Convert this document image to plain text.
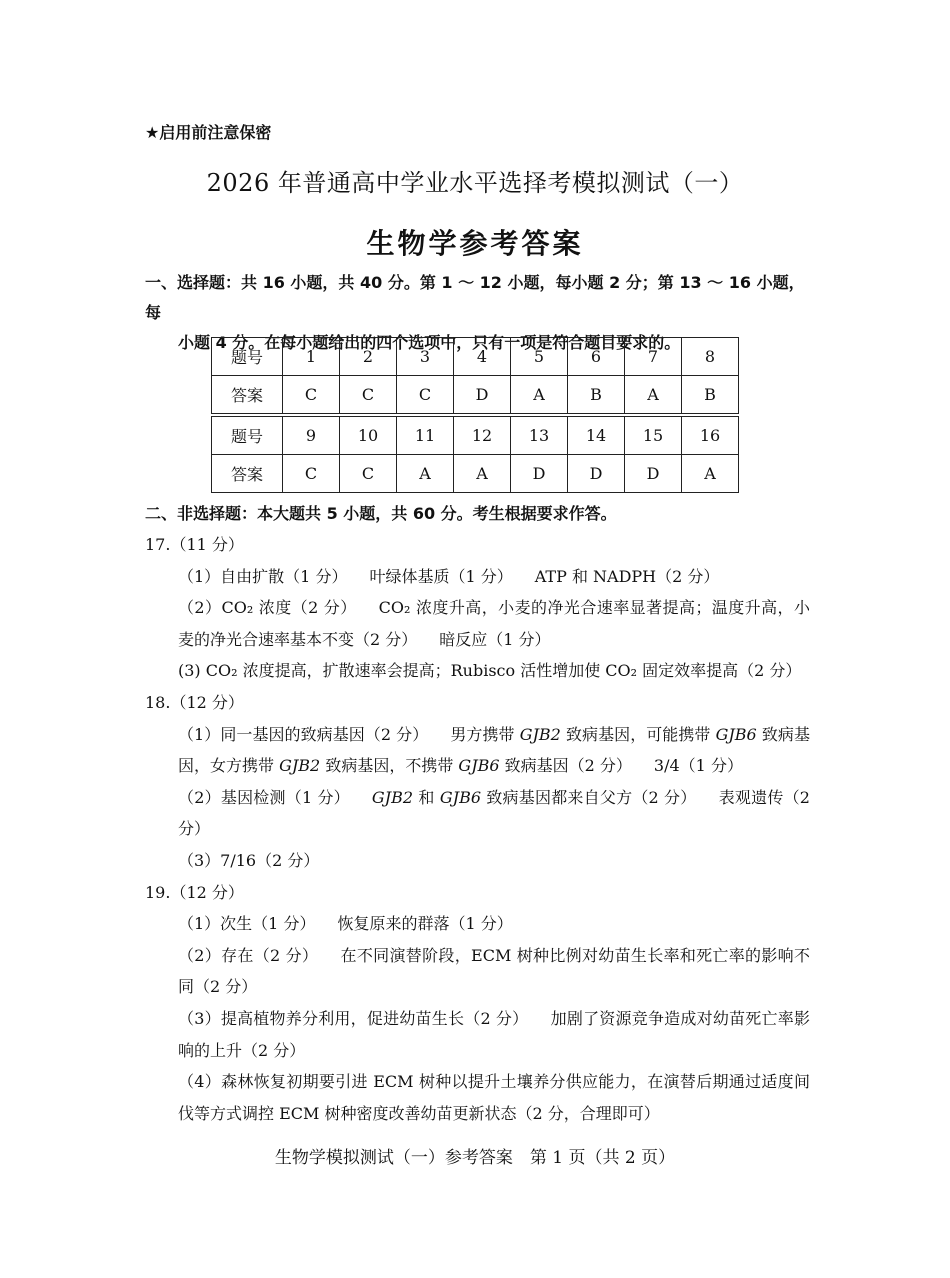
★启用前注意保密
2026 年普通高中学业水平选择考模拟测试（一）
生物学参考答案
一、选择题：共 16 小题，共 40 分。第 1 ～ 12 小题，每小题 2 分；第 13 ～ 16 小题，每
小题 4 分。在每小题给出的四个选项中，只有一项是符合题目要求的。
题号	1	2	3	4	5	6	7	8
答案	C	C	C	D	A	B	A	B
题号	9	10	11	12	13	14	15	16
答案	C	C	A	A	D	D	D	A
二、非选择题：本大题共 5 小题，共 60 分。考生根据要求作答。
17.（11 分）
（1）自由扩散（1 分） 叶绿体基质（1 分） ATP 和 NADPH（2 分）
（2）CO₂ 浓度（2 分） CO₂ 浓度升高，小麦的净光合速率显著提高；温度升高，小麦的净光合速率基本不变（2 分） 暗反应（1 分）
(3) CO₂ 浓度提高，扩散速率会提高；Rubisco 活性增加使 CO₂ 固定效率提高（2 分）
18.（12 分）
（1）同一基因的致病基因（2 分） 男方携带 GJB2 致病基因，可能携带 GJB6 致病基因，女方携带 GJB2 致病基因，不携带 GJB6 致病基因（2 分） 3/4（1 分）
（2）基因检测（1 分） GJB2 和 GJB6 致病基因都来自父方（2 分） 表观遗传（2 分）
（3）7/16（2 分）
19.（12 分）
（1）次生（1 分） 恢复原来的群落（1 分）
（2）存在（2 分） 在不同演替阶段，ECM 树种比例对幼苗生长率和死亡率的影响不同（2 分）
（3）提高植物养分利用，促进幼苗生长（2 分） 加剧了资源竞争造成对幼苗死亡率影响的上升（2 分）
（4）森林恢复初期要引进 ECM 树种以提升土壤养分供应能力，在演替后期通过适度间伐等方式调控 ECM 树种密度改善幼苗更新状态（2 分，合理即可）
生物学模拟测试（一）参考答案　第 1 页（共 2 页）
